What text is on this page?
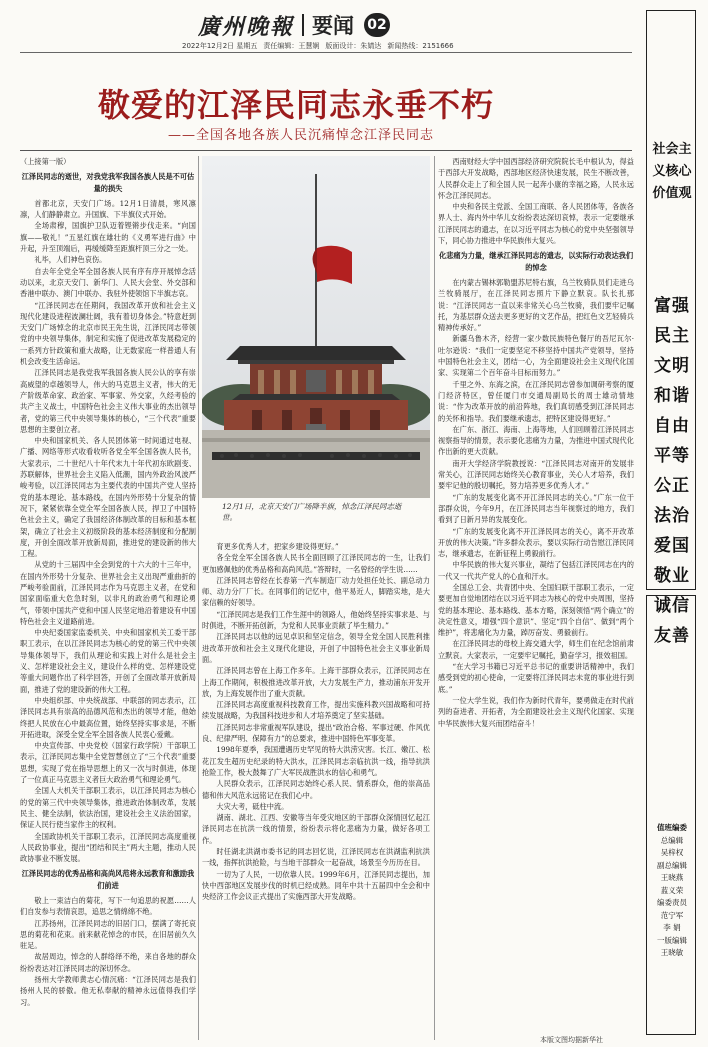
廣州晚報 要闻 02
2022年12月2日 星期五 责任编辑：王慧娴 版面设计：朱婧达 新闻热线：2151666
敬爱的江泽民同志永垂不朽
——全国各地各族人民沉痛悼念江泽民同志

（上接第一版）

江泽民同志的逝世，对我党我军我国各族人民是不可估量的损失

首都北京，天安门广场。12月1日清晨，寒风凛凛，人们静静肃立。升国旗、下半旗仪式开始。

全场肃穆，国旗护卫队迈着铿锵步伐走来。“向国旗——敬礼！”五星红旗在雄壮的《义勇军进行曲》中升起，升至顶端后，再缓缓降至距旗杆顶三分之一处。

礼毕，人们神色哀伤。

自去年全党全军全国各族人民有序有序开展悼念活动以来，北京天安门、新华门、人民大会堂、外交部和香港中联办、澳门中联办、我驻外使领馆下半旗志哀。

“江泽民同志在任期间，我国改革开放和社会主义现代化建设进程波澜壮阔，我有着切身体会。”特意赶到天安门广场悼念的北京市民王先生说，江泽民同志带领党的中央领导集体，制定和实施了促进改革发展稳定的一系列方针政策和重大战略，让无数家庭一样普通人有机会改变生活命运。

江泽民同志是我党我军我国各族人民公认的享有崇高威望的卓越领导人，伟大的马克思主义者，伟大的无产阶级革命家、政治家、军事家、外交家，久经考验的共产主义战士，中国特色社会主义伟大事业的杰出领导者，党的第三代中央领导集体的核心，“三个代表”重要思想的主要创立者。

中央和国家机关、各人民团体第一时间通过电视、广播、网络等形式收看收听各党全军全国各族人民书，大家表示，二十世纪八十年代末九十年代初东欧剧变、苏联解体，世界社会主义陷入低潮，国内外政治风波严峻考验，以江泽民同志为主要代表的中国共产党人坚持党的基本理论、基本路线，在国内外形势十分复杂的情况下，紧紧依靠全党全军全国各族人民，捍卫了中国特色社会主义，确定了我国经济体制改革的目标和基本框架，确立了社会主义初级阶段的基本经济制度和分配制度，开创全面改革开放新局面，推进党的建设新的伟大工程。

从党的十三届四中全会到党的十六大的十三年中，在国内外形势十分复杂、世界社会主义出现严重曲折的严峻考验面前，江泽民同志作为马克思主义者，在党和国家面临重大危急时刻，以非凡的政治勇气和理论勇气，带领中国共产党和中国人民坚定地沿着建设有中国特色社会主义道路前进。

中央纪委国家监委机关、中央和国家机关工委干部职工表示，在以江泽民同志为核心的党的第三代中央领导集体领导下，我们从理论和实践上对什么是社会主义、怎样建设社会主义，建设什么样的党、怎样建设党等重大问题作出了科学回答，开创了全面改革开放新局面，推进了党的建设新的伟大工程。

中央组织部、中央统战部、中联部的同志表示，江泽民同志具有崇高的品德风范和杰出的领导才能，他始终把人民放在心中最高位置，始终坚持实事求是，不断开拓进取，深受全党全军全国各族人民衷心爱戴。

中央宣传部、中央党校（国家行政学院）干部职工表示，江泽民同志集中全党智慧创立了“三个代表”重要思想，实现了党在指导思想上的又一次与时俱进，体现了一位真正马克思主义者巨大政治勇气和理论勇气。

全国人大机关干部职工表示，以江泽民同志为核心的党的第三代中央领导集体，推进政治体制改革，发展民主、健全法制，依法治国，建设社会主义法治国家，保证人民行使当家作主的权利。

全国政协机关干部职工表示，江泽民同志高度重视人民政协事业，提出“团结和民主”两大主题，推动人民政协事业不断发展。

江泽民同志的优秀品格和高尚风范将永远教育和激励我们前进

敬上一束洁白的菊花，写下一句追思的祝愿……人们自发参与表情哀思，追思之情绵绵不绝。

江苏扬州，江泽民同志的旧居门口，摆满了寄托哀思的菊花和花束。前来献花悼念的市民，在旧居前久久驻足。

故居周边，悼念的人群络绎不绝，来自各地的群众纷纷表达对江泽民同志的深切怀念。

扬州大学教师黄志心情沉痛：“江泽民同志是我们扬州人民的骄傲。他无私奉献的精神永远值得我们学习。

12月1日，北京天安门广场降半旗，悼念江泽民同志逝世。

育更多优秀人才，把家乡建设得更好。”

各全党全军全国各族人民书全面回顾了江泽民同志的一生，让我们更加感佩他的优秀品格和高尚风范。”答辩时，一名曾经的学生说……

江泽民同志曾经在长春第一汽车制造厂动力处担任处长、副总动力师、动力分厂厂长。在同事们的记忆中，他平易近人，脚踏实地，是大家信赖的好领导。

“江泽民同志是我们工作生涯中的领路人，他始终坚持实事求是、与时俱进，不断开拓创新，为党和人民事业贡献了毕生精力。”

江泽民同志以他的远见卓识和坚定信念，领导全党全国人民胜利推进改革开放和社会主义现代化建设，开创了中国特色社会主义事业新局面。

江泽民同志曾在上海工作多年。上海干部群众表示，江泽民同志在上海工作期间，积极推进改革开放，大力发展生产力，推动浦东开发开放，为上海发展作出了重大贡献。

江泽民同志高度重视科技教育工作，提出实施科教兴国战略和可持续发展战略，为我国科技进步和人才培养奠定了坚实基础。

江泽民同志非常重视军队建设，提出“政治合格、军事过硬、作风优良、纪律严明、保障有力”的总要求，推进中国特色军事变革。

1998年夏季，我国遭遇历史罕见的特大洪涝灾害。长江、嫩江、松花江发生超历史纪录的特大洪水，江泽民同志亲临抗洪一线，指导抗洪抢险工作，极大鼓舞了广大军民战胜洪水的信心和勇气。

人民群众表示，江泽民同志始终心系人民、情系群众，他的崇高品德和伟大风范永远铭记在我们心中。

大灾大考，砥柱中流。

湖南、湖北、江西、安徽等当年受灾地区的干部群众深情回忆起江泽民同志在抗洪一线的情景，纷纷表示将化悲痛为力量，做好各项工作。

时任湖北洪湖市委书记的同志回忆说，江泽民同志在洪湖监利抗洪一线，指挥抗洪抢险，与当地干部群众一起奋战，场景至今历历在目。

一切为了人民，一切依靠人民。1999年6月，江泽民同志提出，加快中西部地区发展步伐的时机已经成熟。同年中共十五届四中全会和中央经济工作会议正式提出了实施西部大开发战略。

西南财经大学中国西部经济研究院院长毛中根认为，得益于西部大开发战略，西部地区经济快速发展，民生不断改善，人民群众走上了和全国人民一起奔小康的幸福之路，人民永远怀念江泽民同志。

中央和各民主党派、全国工商联、各人民团体等，各族各界人士、海内外中华儿女纷纷表达深切哀悼，表示一定要继承江泽民同志的遗志，在以习近平同志为核心的党中央坚强领导下，同心协力推进中华民族伟大复兴。

化悲痛为力量，继承江泽民同志的遗志，以实际行动表达我们的悼念

在内蒙古锡林郭勒盟苏尼特右旗，乌兰牧骑队员们走进乌兰牧骑展厅，在江泽民同志照片下静立默哀。队长扎那说：“江泽民同志一直以来非常关心乌兰牧骑，我们要牢记嘱托，为基层群众送去更多更好的文艺作品，把红色文艺轻骑兵精神传承好。”

新疆乌鲁木齐，经营一家少数民族特色餐厅的吾尼瓦尔·吐尔逊说：“我们一定要坚定不移坚持中国共产党领导，坚持中国特色社会主义，团结一心，为全面建设社会主义现代化国家、实现第二个百年奋斗目标而努力。”

千里之外、东海之滨，在江泽民同志曾参加调研考察的厦门经济特区，曾任厦门市交通局副局长的周士雄动情地说：“作为改革开放的前沿阵地，我们真切感受到江泽民同志的关怀和指导。我们要继承遗志，把特区建设得更好。”

在广东、浙江、海南、上海等地，人们回顾着江泽民同志视察指导的情景，表示要化悲痛为力量，为推进中国式现代化作出新的更大贡献。

南开大学经济学院教授说：“江泽民同志对南开的发展非常关心，江泽民同志始终关心教育事业，关心人才培养，我们要牢记他的殷切嘱托，努力培养更多优秀人才。”

“广东的发展变化离不开江泽民同志的关心。”广东一位干部群众说，今年9月，在江泽民同志当年视察过的地方，我们看到了日新月异的发展变化。

“广东的发展变化离不开江泽民同志的关心，离不开改革开放的伟大决策。”许多群众表示，要以实际行动告慰江泽民同志，继承遗志，在新征程上勇毅前行。

中华民族的伟大复兴事业，凝结了包括江泽民同志在内的一代又一代共产党人的心血和汗水。

全国总工会、共青团中央、全国妇联干部职工表示，一定要更加自觉地团结在以习近平同志为核心的党中央周围，坚持党的基本理论、基本路线、基本方略，深刻领悟“两个确立”的决定性意义，增强“四个意识”、坚定“四个自信”、做到“两个维护”，将悲痛化为力量，踔厉奋发、勇毅前行。

在江泽民同志的母校上海交通大学，师生们在纪念馆前肃立默哀。大家表示，一定要牢记嘱托，勤奋学习，报效祖国。

“在大学习书籍已习近平总书记的重要讲话精神中，我们感受到党的初心使命，一定要将江泽民同志未竟的事业进行到底。”

一位大学生说，我们作为新时代青年，要勇做走在时代前列的奋进者、开拓者，为全面建设社会主义现代化国家、实现中华民族伟大复兴而团结奋斗！

本版文图均据新华社
社会主义核心价值观
富强
民主
文明
和谐
自由
平等
公正
法治
爱国
敬业
诚信
友善
值班编委
总编辑
吴梓权
副总编辑
王晓燕
蓝义荣
编委责员
范宁军
李 娟
一版编辑
王晓敏
